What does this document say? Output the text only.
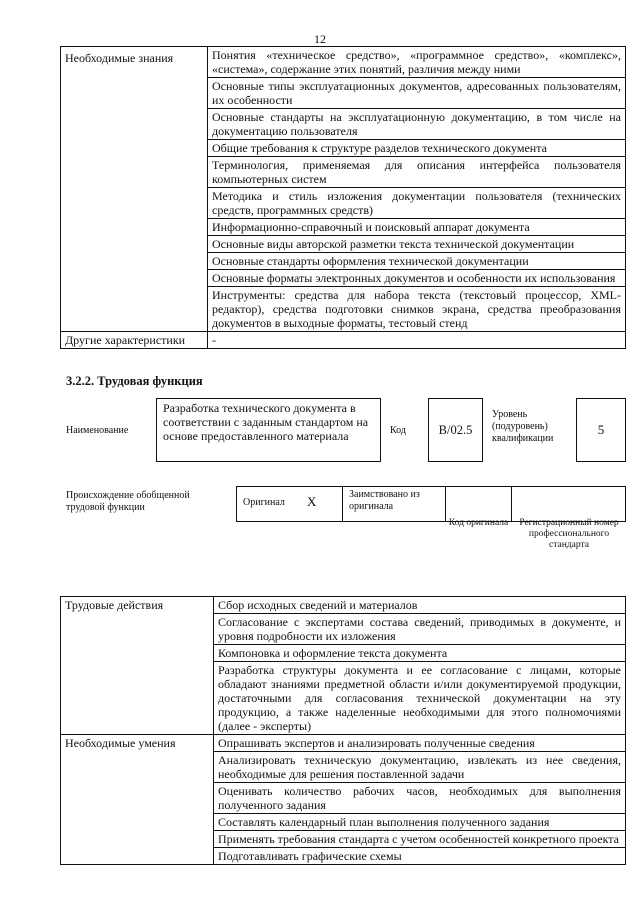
12
Необходимые знания	Понятия «техническое средство», «программное средство», «комплекс», «система», содержание этих понятий, различия между ними
	Основные типы эксплуатационных документов, адресованных пользователям, их особенности
	Основные стандарты на эксплуатационную документацию, в том числе на документацию пользователя
	Общие требования к структуре разделов технического документа
	Терминология, применяемая для описания интерфейса пользователя компьютерных систем
	Методика и стиль изложения документации пользователя (технических средств, программных средств)
	Информационно-справочный и поисковый аппарат документа
	Основные виды авторской разметки текста технической документации
	Основные стандарты оформления технической документации
	Основные форматы электронных документов и особенности их использования
	Инструменты: средства для набора текста (текстовый процессор, XML-редактор), средства подготовки снимков экрана, средства преобразования документов в выходные форматы, тестовый стенд
Другие характеристики	-
3.2.2. Трудовая функция
Наименование
Разработка технического документа в соответствии с заданным стандартом на основе предоставленного материала	Код	В/02.5
Уровень (подуровень) квалификации
5
Происхождение обобщенной трудовой функции	Оригинал X	Заимствовано из оригинала
Код оригинала	Регистрационный номер профессионального стандарта
Трудовые действия	Сбор исходных сведений и материалов
	Согласование с экспертами состава сведений, приводимых в документе, и уровня подробности их изложения
	Компоновка и оформление текста документа
	Разработка структуры документа и ее согласование с лицами, которые обладают знаниями предметной области и/или документируемой продукции, достаточными для согласования технической документации на эту продукцию, а также наделенные необходимыми для этого полномочиями (далее - эксперты)
Необходимые умения	Опрашивать экспертов и анализировать полученные сведения
	Анализировать техническую документацию, извлекать из нее сведения, необходимые для решения поставленной задачи
	Оценивать количество рабочих часов, необходимых для выполнения полученного задания
	Составлять календарный план выполнения полученного задания
	Применять требования стандарта с учетом особенностей конкретного проекта
	Подготавливать графические схемы
